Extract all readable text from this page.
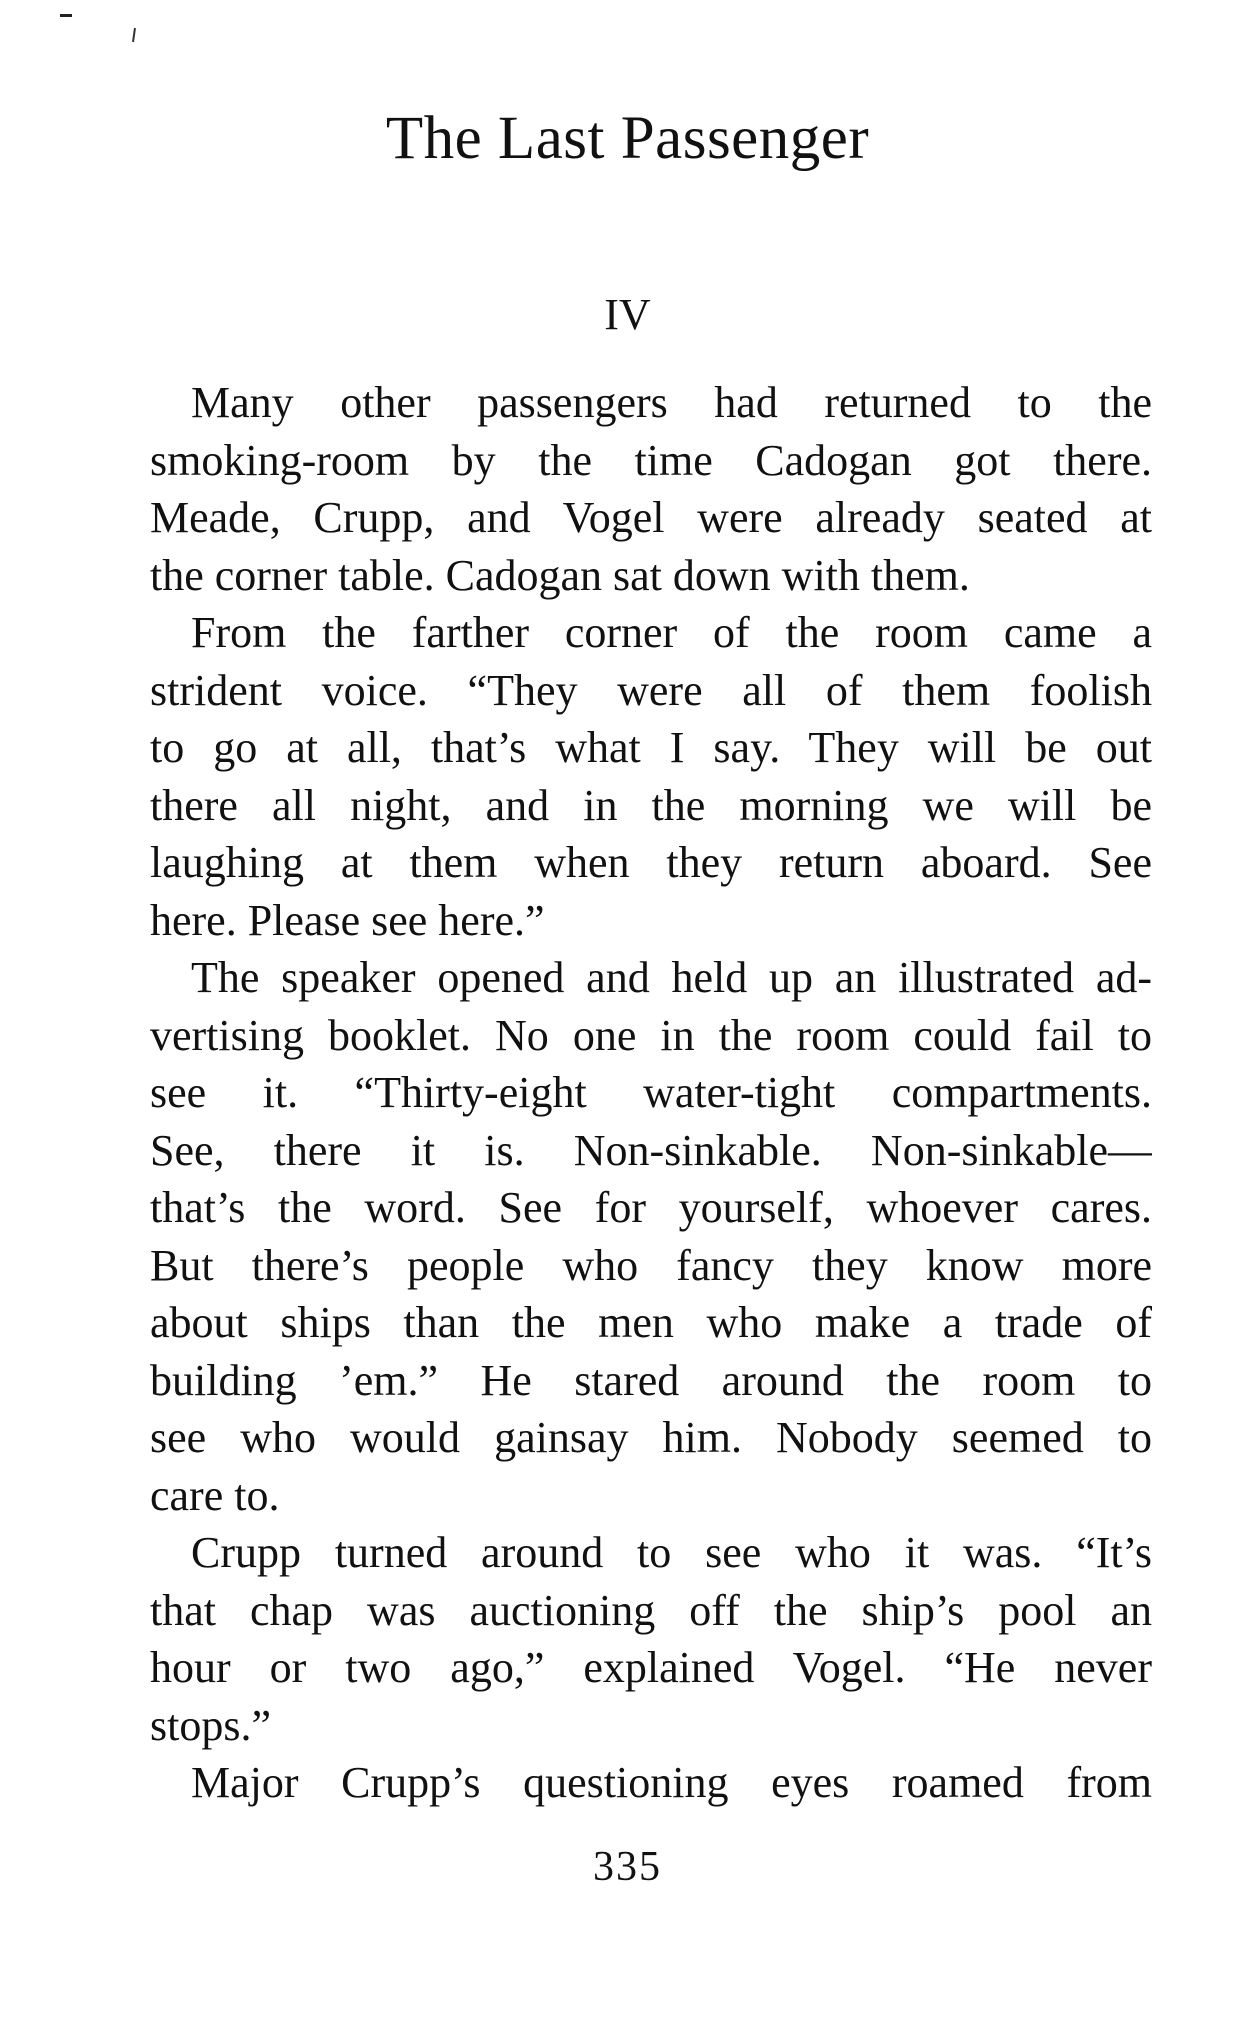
The Last Passenger
IV
Many other passengers had returned to the
smoking-room by the time Cadogan got there.
Meade, Crupp, and Vogel were already seated at
the corner table. Cadogan sat down with them.
From the farther corner of the room came a
strident voice. “They were all of them foolish
to go at all, that’s what I say. They will be out
there all night, and in the morning we will be
laughing at them when they return aboard. See
here. Please see here.”
The speaker opened and held up an illustrated ad-
vertising booklet. No one in the room could fail to
see it. “Thirty-eight water-tight compartments.
See, there it is. Non-sinkable. Non-sinkable—
that’s the word. See for yourself, whoever cares.
But there’s people who fancy they know more
about ships than the men who make a trade of
building ’em.” He stared around the room to
see who would gainsay him. Nobody seemed to
care to.
Crupp turned around to see who it was. “It’s
that chap was auctioning off the ship’s pool an
hour or two ago,” explained Vogel. “He never
stops.”
Major Crupp’s questioning eyes roamed from
335
